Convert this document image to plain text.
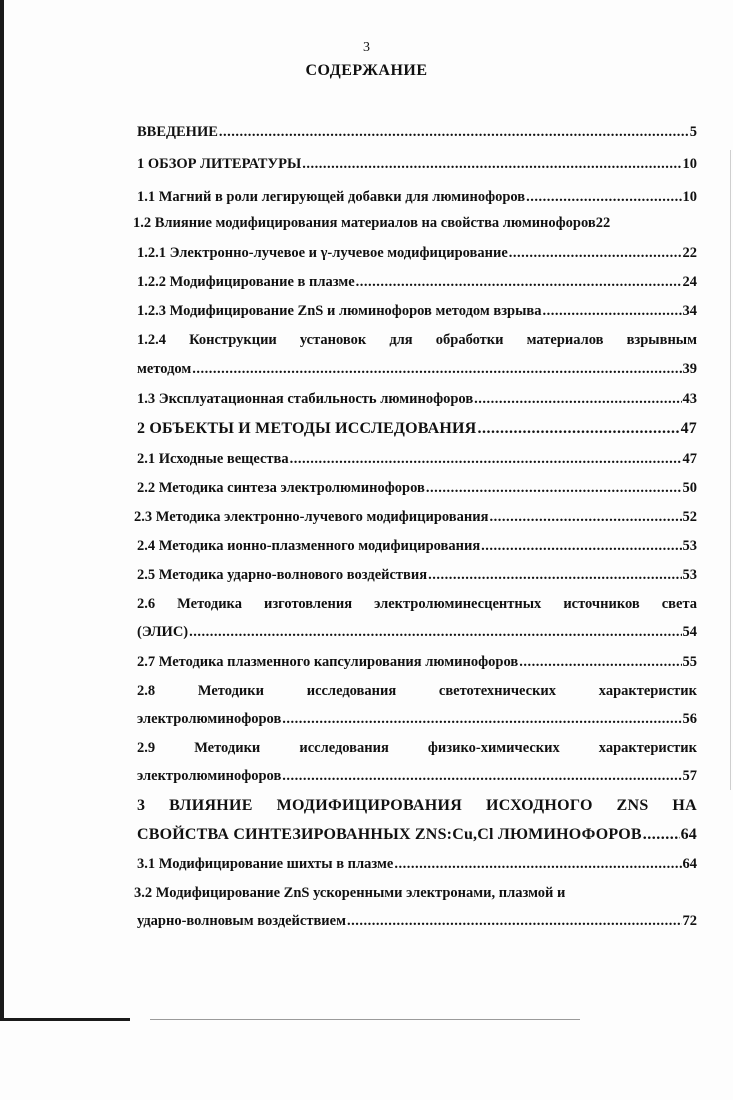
3
СОДЕРЖАНИЕ
ВВЕДЕНИЕ .....	5
1 ОБЗОР ЛИТЕРАТУРЫ .....	10
1.1 Магний в роли легирующей добавки для люминофоров .....	10
1.2 Влияние модифицирования материалов на свойства люминофоров 22
1.2.1 Электронно-лучевое и γ-лучевое модифицирование .....	22
1.2.2 Модифицирование в плазме .....	24
1.2.3 Модифицирование ZnS и люминофоров методом взрыва .....	34
1.2.4 Конструкции установок для обработки материалов взрывным
методом .....	39
1.3 Эксплуатационная стабильность люминофоров .....	43
2 ОБЪЕКТЫ И МЕТОДЫ ИССЛЕДОВАНИЯ .....	47
2.1 Исходные вещества .....	47
2.2 Методика синтеза электролюминофоров .....	50
2.3 Методика электронно-лучевого модифицирования .....	52
2.4 Методика ионно-плазменного модифицирования .....	53
2.5 Методика ударно-волнового воздействия .....	53
2.6 Методика изготовления электролюминесцентных источников света
(ЭЛИС) .....	54
2.7 Методика плазменного капсулирования люминофоров .....	55
2.8 Методики исследования светотехнических характеристик
электролюминофоров .....	56
2.9 Методики исследования физико-химических характеристик
электролюминофоров .....	57
3 ВЛИЯНИЕ МОДИФИЦИРОВАНИЯ ИСХОДНОГО ZNS НА
СВОЙСТВА СИНТЕЗИРОВАННЫХ ZNS:Cu,Cl ЛЮМИНОФОРОВ ..... 64
3.1 Модифицирование шихты в плазме .....	64
3.2 Модифицирование ZnS ускоренными электронами, плазмой и
ударно-волновым воздействием .....	72
